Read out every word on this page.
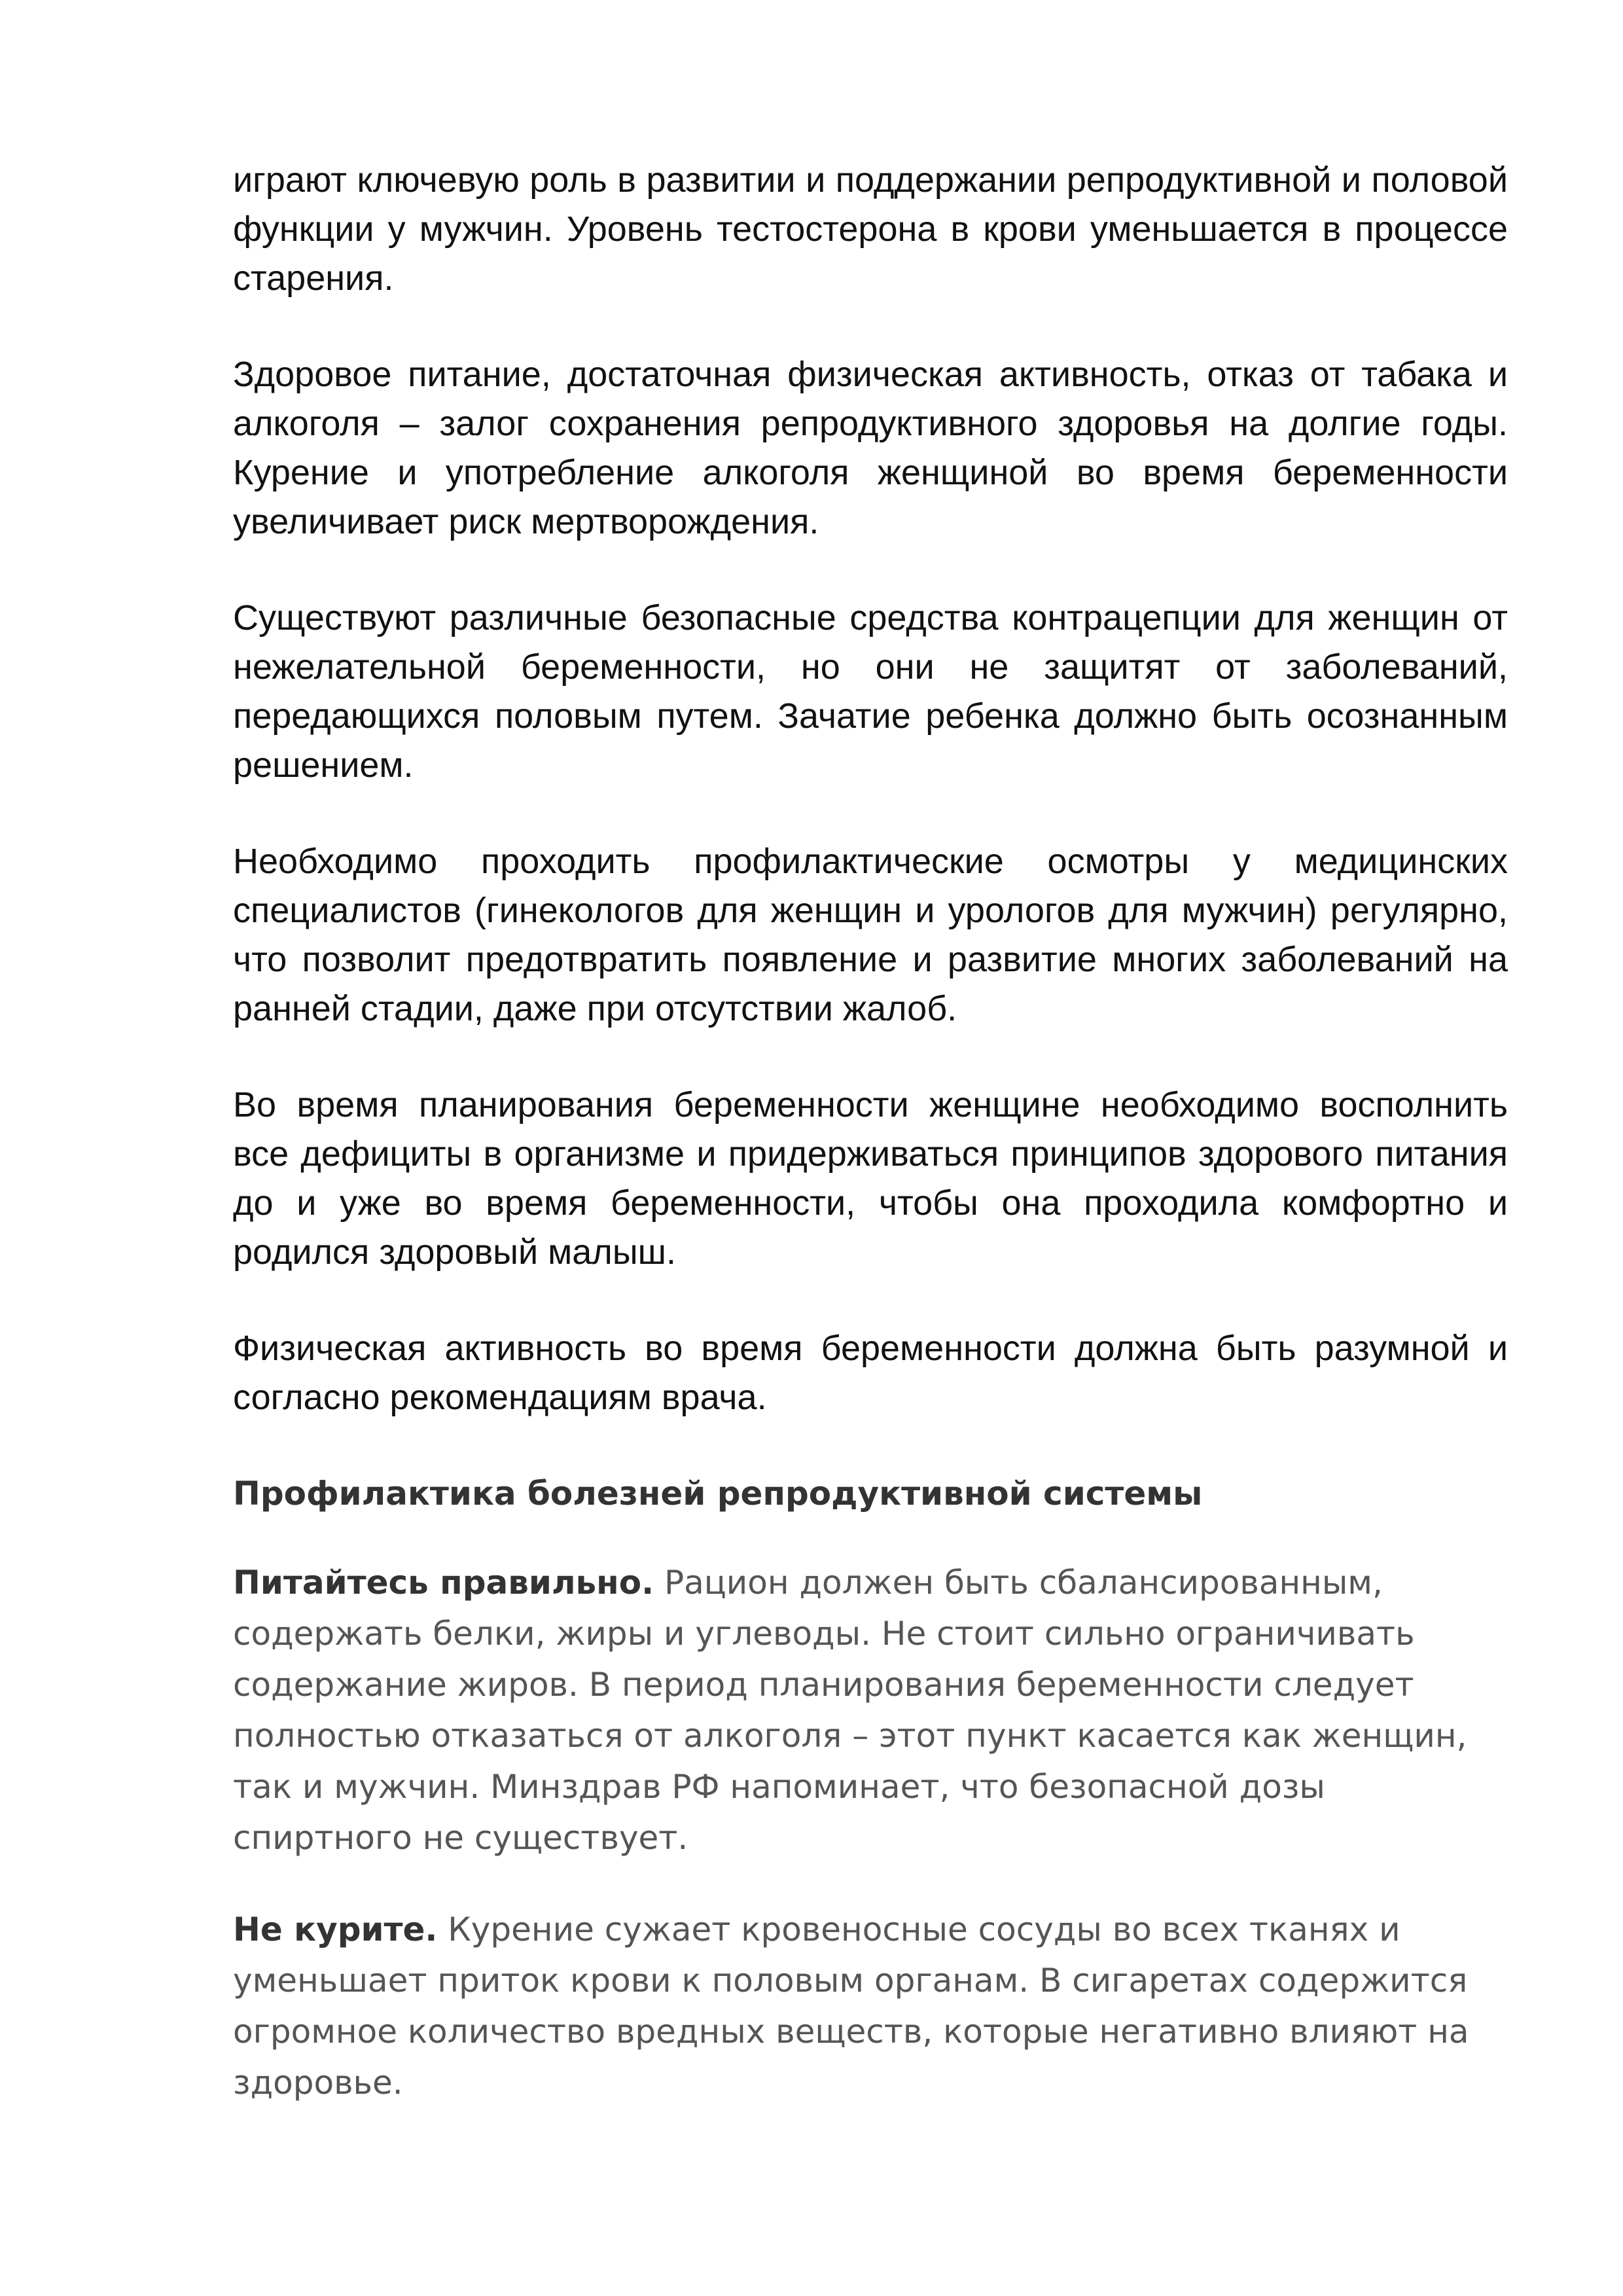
играют ключевую роль в развитии и поддержании репродуктивной и половой функции у мужчин. Уровень тестостерона в крови уменьшается в процессе старения.

Здоровое питание, достаточная физическая активность, отказ от табака и алкоголя – залог сохранения репродуктивного здоровья на долгие годы. Курение и употребление алкоголя женщиной во время беременности увеличивает риск мертворождения.

Существуют различные безопасные средства контрацепции для женщин от нежелательной беременности, но они не защитят от заболеваний, передающихся половым путем. Зачатие ребенка должно быть осознанным решением.

Необходимо проходить профилактические осмотры у медицинских специалистов (гинекологов для женщин и урологов для мужчин) регулярно, что позволит предотвратить появление и развитие многих заболеваний на ранней стадии, даже при отсутствии жалоб.

Во время планирования беременности женщине необходимо восполнить все дефициты в организме и придерживаться принципов здорового питания до и уже во время беременности, чтобы она проходила комфортно и родился здоровый малыш.

Физическая активность во время беременности должна быть разумной и согласно рекомендациям врача.

Профилактика болезней репродуктивной системы

Питайтесь правильно. Рацион должен быть сбалансированным, содержать белки, жиры и углеводы. Не стоит сильно ограничивать содержание жиров. В период планирования беременности следует полностью отказаться от алкоголя – этот пункт касается как женщин, так и мужчин. Минздрав РФ напоминает, что безопасной дозы спиртного не существует.

Не курите. Курение сужает кровеносные сосуды во всех тканях и уменьшает приток крови к половым органам. В сигаретах содержится огромное количество вредных веществ, которые негативно влияют на здоровье.
